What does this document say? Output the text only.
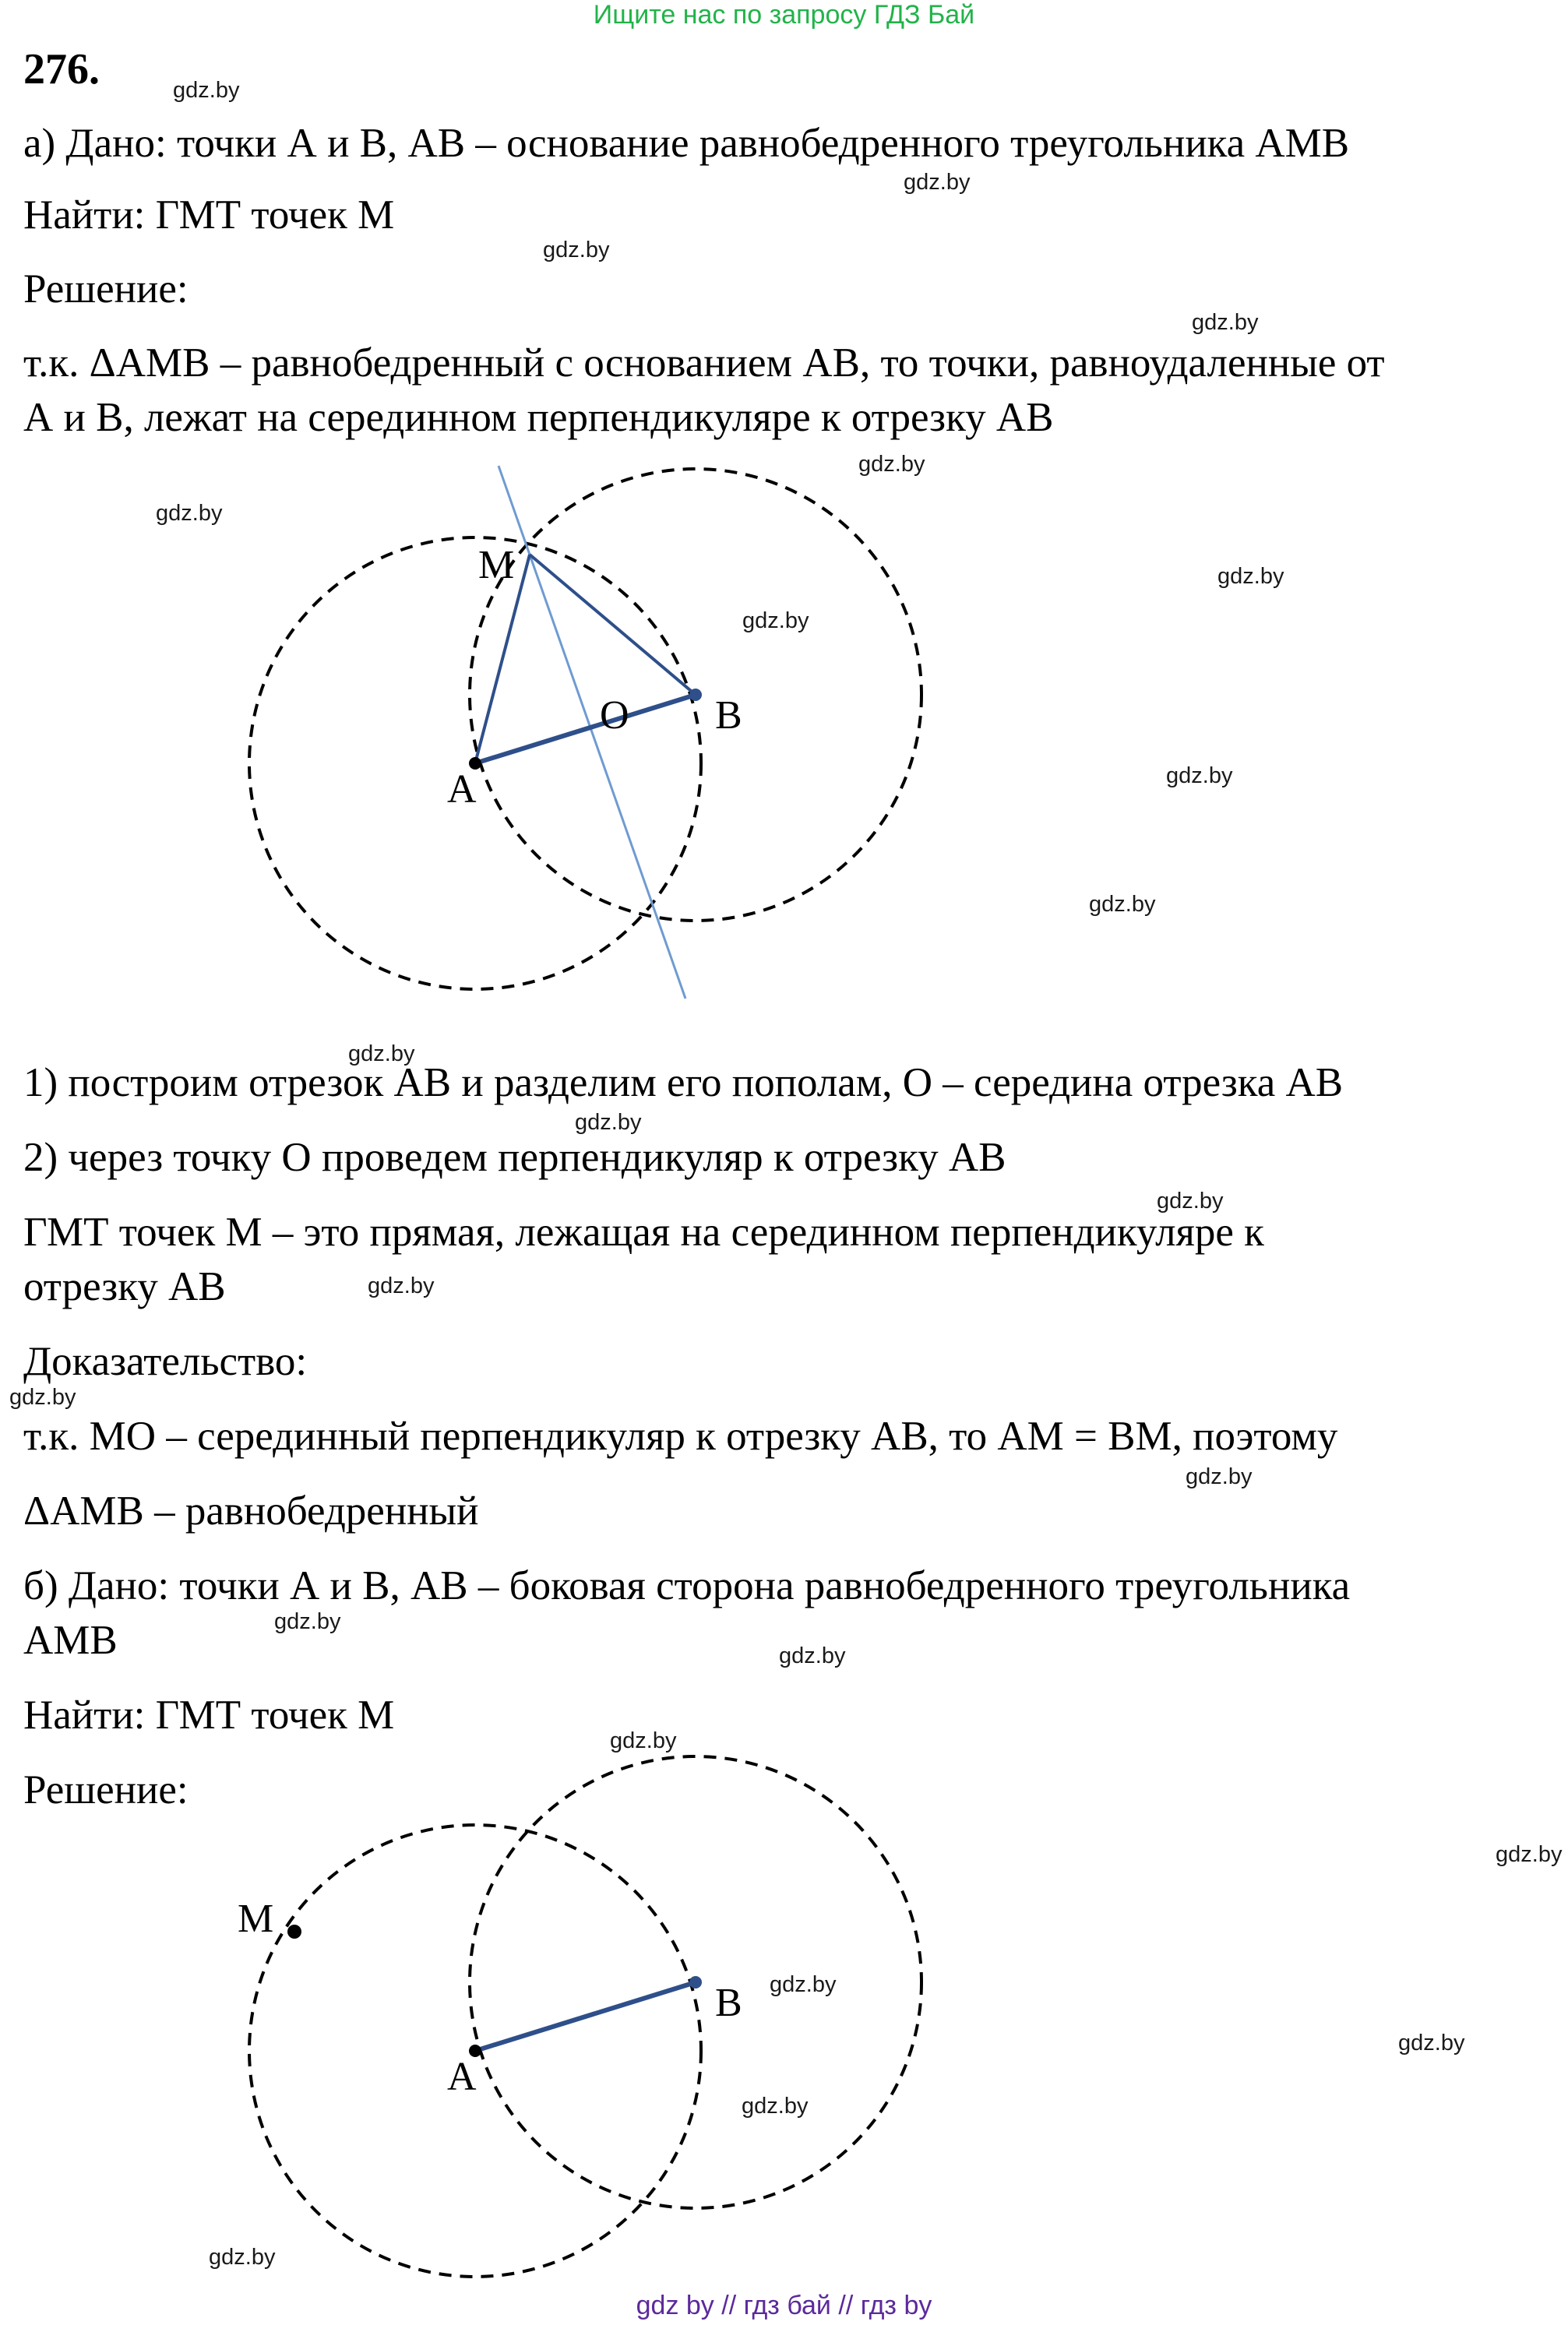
Ищите нас по запросу ГДЗ Бай

276.

а) Дано: точки А и В, АВ – основание равнобедренного треугольника АМВ

Найти: ГМТ точек М

Решение:

т.к. ΔАМВ – равнобедренный с основанием АВ, то точки, равноудаленные от

А и В, лежат на серединном перпендикуляре к отрезку АВ

M
O B
A

1) построим отрезок АВ и разделим его пополам, О – середина отрезка АВ

2) через точку О проведем перпендикуляр к отрезку АВ

ГМТ точек М – это прямая, лежащая на серединном перпендикуляре к

отрезку АВ

Доказательство:

т.к. МО – серединный перпендикуляр к отрезку АВ, то АМ = ВМ, поэтому

ΔАМВ – равнобедренный

б) Дано: точки А и В, АВ – боковая сторона равнобедренного треугольника

АМВ

Найти: ГМТ точек М

Решение:

M
B
A
gdz.by
gdz.by
gdz.by
gdz.by
gdz.by
gdz.by
gdz.by
gdz.by
gdz.by
gdz.by
gdz.by
gdz.by
gdz.by
gdz.by
gdz.by
gdz.by
gdz.by
gdz.by
gdz.by
gdz.by
gdz.by
gdz.by
gdz.by
gdz.by
gdz by // гдз бай // гдз by
